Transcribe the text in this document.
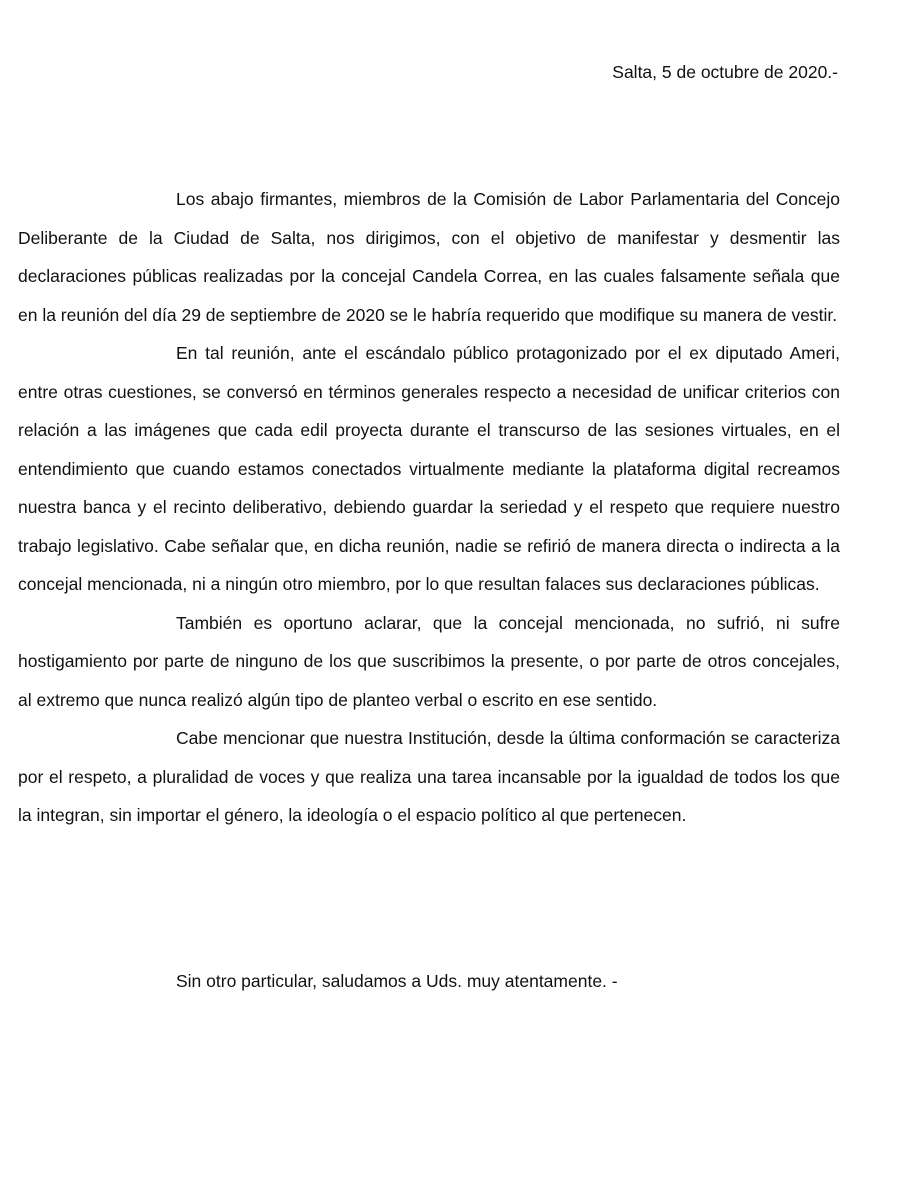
Salta, 5 de octubre de 2020.-

Los abajo firmantes, miembros de la Comisión de Labor Parlamentaria del Concejo Deliberante de la Ciudad de Salta, nos dirigimos, con el objetivo de manifestar y desmentir las declaraciones públicas realizadas por la concejal Candela Correa, en las cuales falsamente señala que en la reunión del día 29 de septiembre de 2020 se le habría requerido que modifique su manera de vestir.

En tal reunión, ante el escándalo público protagonizado por el ex diputado Ameri, entre otras cuestiones, se conversó en términos generales respecto a necesidad de unificar criterios con relación a las imágenes que cada edil proyecta durante el transcurso de las sesiones virtuales, en el entendimiento que cuando estamos conectados virtualmente mediante la plataforma digital recreamos nuestra banca y el recinto deliberativo, debiendo guardar la seriedad y el respeto que requiere nuestro trabajo legislativo. Cabe señalar que, en dicha reunión, nadie se refirió de manera directa o indirecta a la concejal mencionada, ni a ningún otro miembro, por lo que resultan falaces sus declaraciones públicas.

También es oportuno aclarar, que la concejal mencionada, no sufrió, ni sufre hostigamiento por parte de ninguno de los que suscribimos la presente, o por parte de otros concejales, al extremo que nunca realizó algún tipo de planteo verbal o escrito en ese sentido.

Cabe mencionar que nuestra Institución, desde la última conformación se caracteriza por el respeto, a pluralidad de voces y que realiza una tarea incansable por la igualdad de todos los que la integran, sin importar el género, la ideología o el espacio político al que pertenecen.

Sin otro particular, saludamos a Uds. muy atentamente. -
